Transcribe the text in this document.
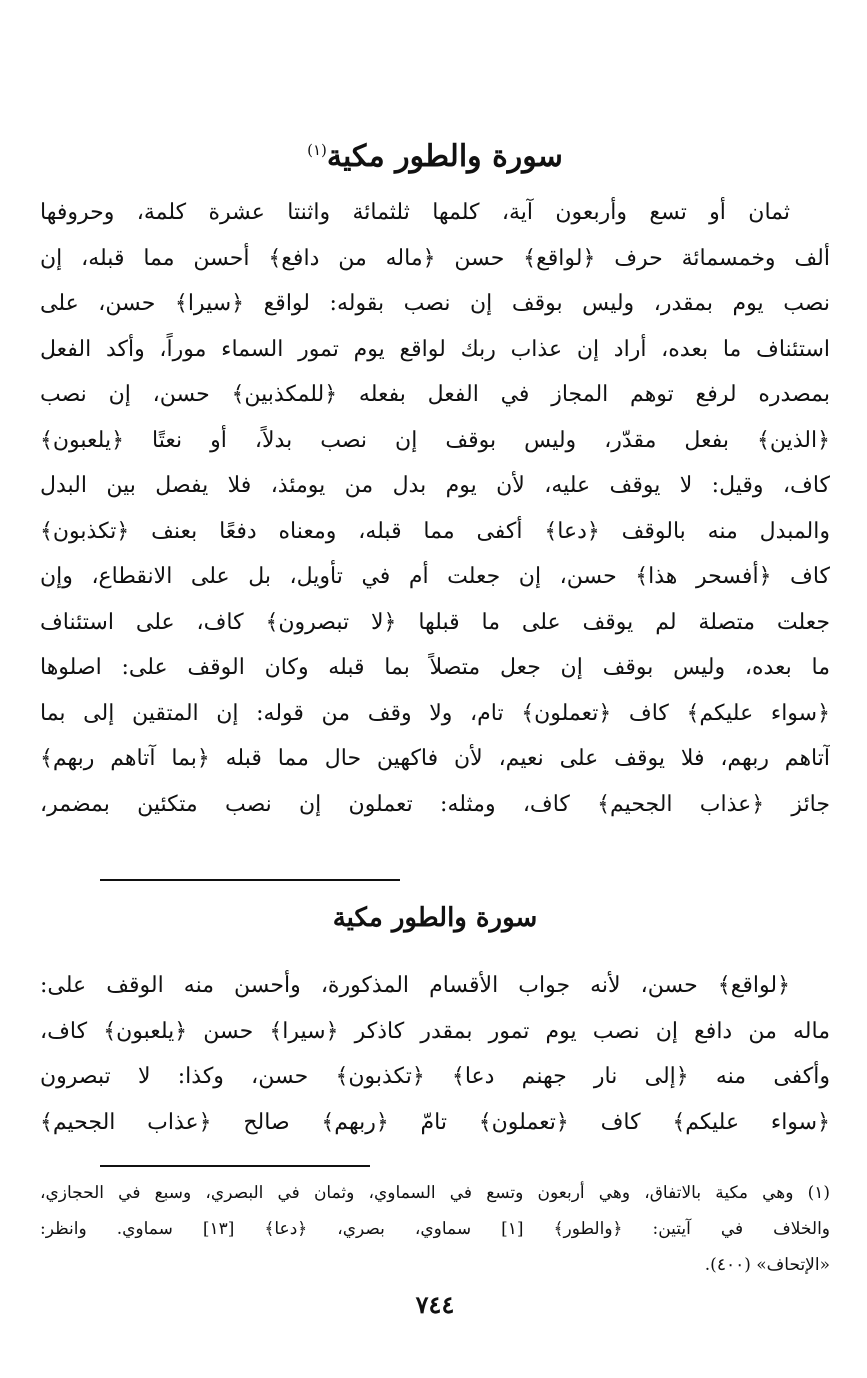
سورة والطور مكية$^{(١)}$
ثمان أو تسع وأربعون آية، كلمها ثلثمائة واثنتا عشرة كلمة، وحروفها
ألف وخمسمائة حرف ﴿لواقع﴾ حسن ﴿ماله من دافع﴾ أحسن مما قبله، إن
نصب يوم بمقدر، وليس بوقف إن نصب بقوله: لواقع ﴿سيرا﴾ حسن، على
استئناف ما بعده، أراد إن عذاب ربك لواقع يوم تمور السماء موراً، وأكد الفعل
بمصدره لرفع توهم المجاز في الفعل بفعله ﴿للمكذبين﴾ حسن، إن نصب
﴿الذين﴾ بفعل مقدّر، وليس بوقف إن نصب بدلاً، أو نعتًا ﴿يلعبون﴾
كاف، وقيل: لا يوقف عليه، لأن يوم بدل من يومئذ، فلا يفصل بين البدل
والمبدل منه بالوقف ﴿دعا﴾ أكفى مما قبله، ومعناه دفعًا بعنف ﴿تكذبون﴾
كاف ﴿أفسحر هذا﴾ حسن، إن جعلت أم في تأويل، بل على الانقطاع، وإن
جعلت متصلة لم يوقف على ما قبلها ﴿لا تبصرون﴾ كاف، على استئناف
ما بعده، وليس بوقف إن جعل متصلاً بما قبله وكان الوقف على: اصلوها
﴿سواء عليكم﴾ كاف ﴿تعملون﴾ تام، ولا وقف من قوله: إن المتقين إلى بما
آتاهم ربهم، فلا يوقف على نعيم، لأن فاكهين حال مما قبله ﴿بما آتاهم ربهم﴾
جائز ﴿عذاب الجحيم﴾ كاف، ومثله: تعملون إن نصب متكئين بمضمر،
سورة والطور مكية
﴿لواقع﴾ حسن، لأنه جواب الأقسام المذكورة، وأحسن منه الوقف على:
ماله من دافع إن نصب يوم تمور بمقدر كاذكر ﴿سيرا﴾ حسن ﴿يلعبون﴾ كاف،
وأكفى منه ﴿إلى نار جهنم دعا﴾ ﴿تكذبون﴾ حسن، وكذا: لا تبصرون
﴿سواء عليكم﴾ كاف ﴿تعملون﴾ تامّ ﴿ربهم﴾ صالح ﴿عذاب الجحيم﴾
(١) وهي مكية بالاتفاق، وهي أربعون وتسع في السماوي، وثمان في البصري، وسبع في الحجازي،
والخلاف في آيتين: ﴿والطور﴾ [١] سماوي، بصري، ﴿دعا﴾ [١٣] سماوي. وانظر:
«الإتحاف» (٤٠٠).
٧٤٤
